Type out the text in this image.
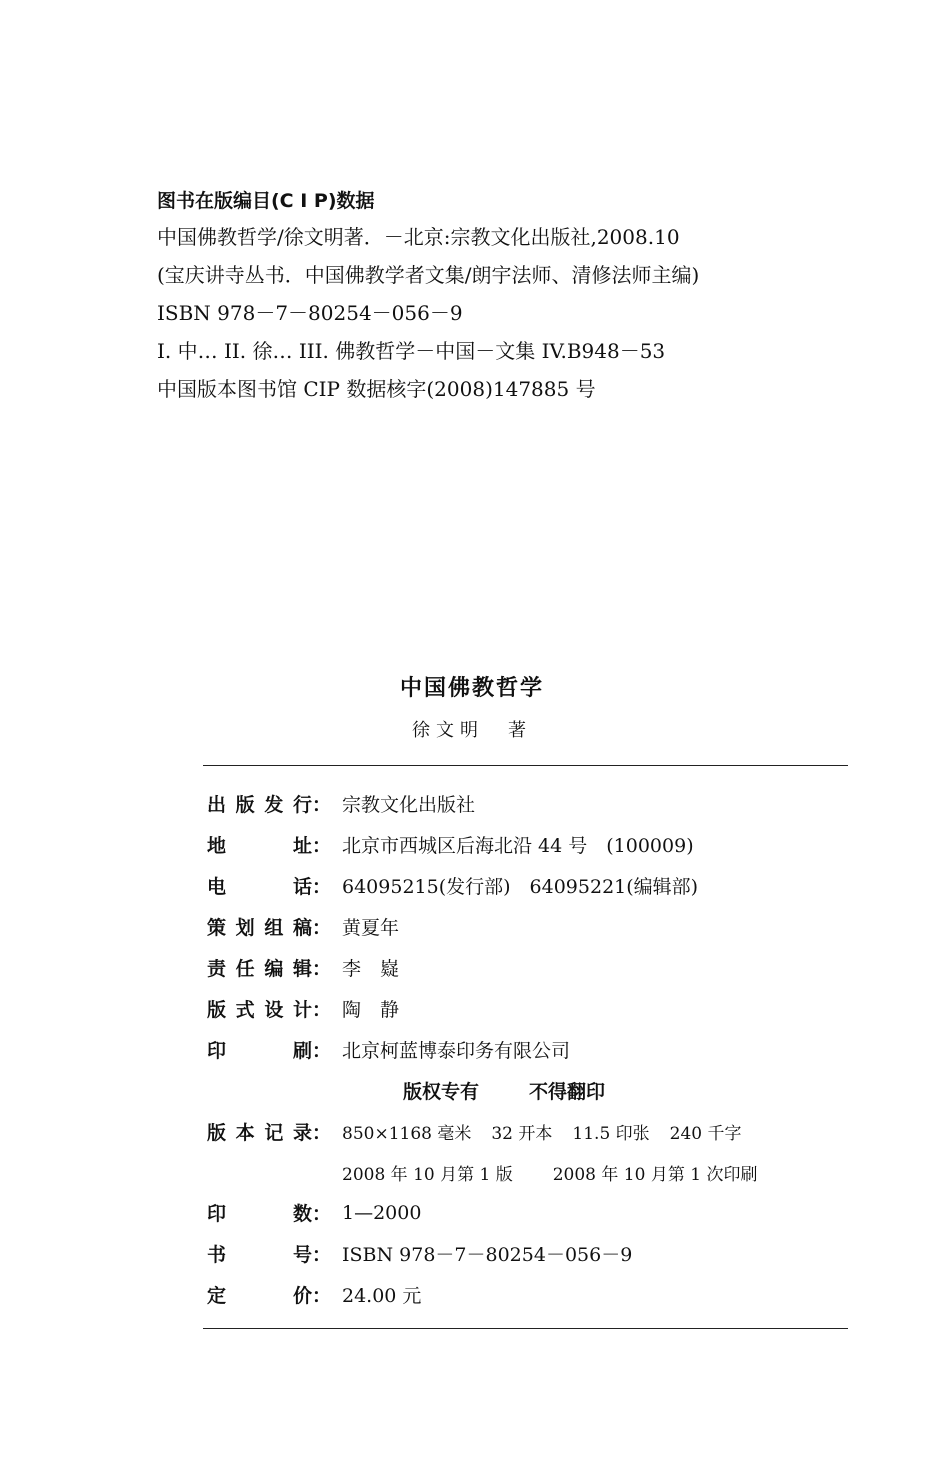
图书在版编目(C I P)数据
中国佛教哲学/徐文明著．－北京:宗教文化出版社,2008.10
(宝庆讲寺丛书．中国佛教学者文集/朗宇法师、清修法师主编)
ISBN 978－7－80254－056－9
I. 中… II. 徐… III. 佛教哲学－中国－文集 IV.B948－53
中国版本图书馆 CIP 数据核字(2008)147885 号
中国佛教哲学
徐文明　著
出版发行 ： 宗教文化出版社
地址 ： 北京市西城区后海北沿 44 号　(100009)
电话 ： 64095215(发行部)　64095221(编辑部)
策划组稿 ： 黄夏年
责任编辑 ： 李　嶷
版式设计 ： 陶　静
印刷 ： 北京柯蓝博泰印务有限公司
版权专有	不得翻印
版本记录 ： 850×1168 毫米 32 开本 11.5 印张 240 千字
2008 年 10 月第 1 版 2008 年 10 月第 1 次印刷
印数 ： 1—2000
书号 ： ISBN 978－7－80254－056－9
定价 ： 24.00 元
